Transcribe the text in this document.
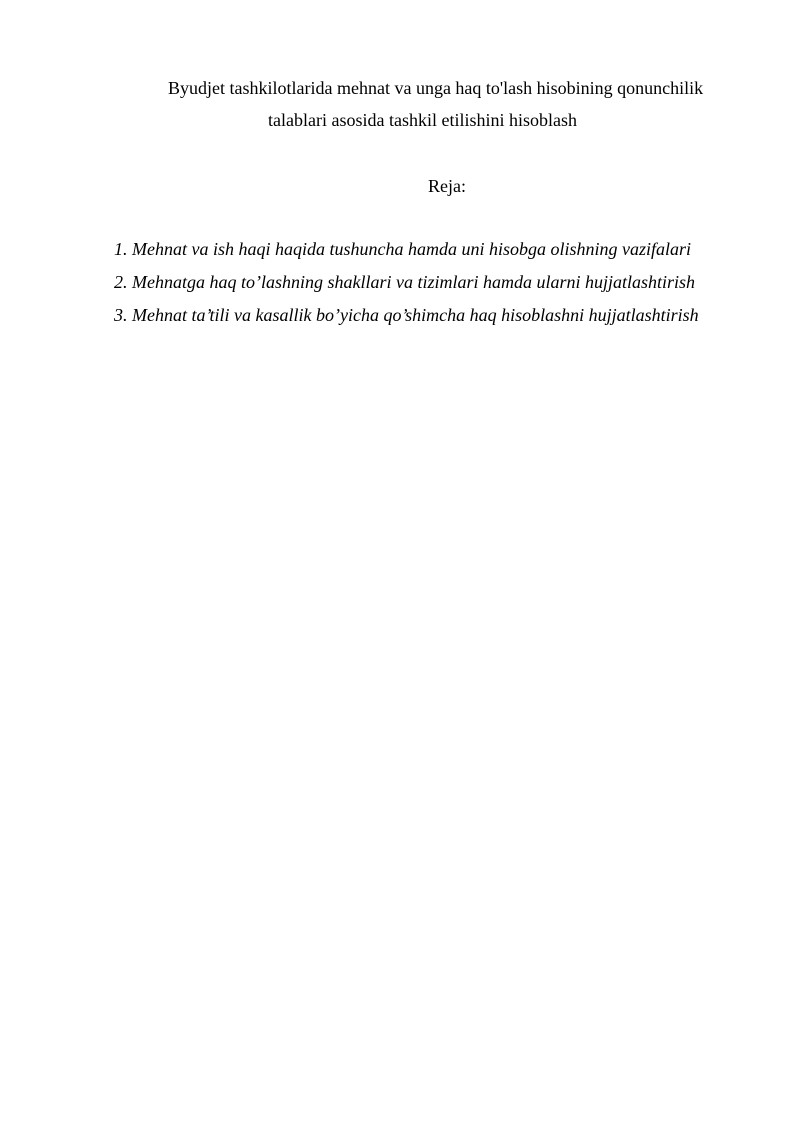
Byudjet tashkilotlarida mehnat va unga haq to'lash hisobining qonunchilik
talablari asosida tashkil etilishini hisoblash
Reja:
1. Mehnat va ish haqi haqida tushuncha hamda uni hisobga olishning vazifalari
2. Mehnatga haq to’lashning shakllari va tizimlari hamda ularni hujjatlashtirish
3. Mehnat ta’tili va kasallik bo’yicha qo’shimcha haq hisoblashni hujjatlashtirish
